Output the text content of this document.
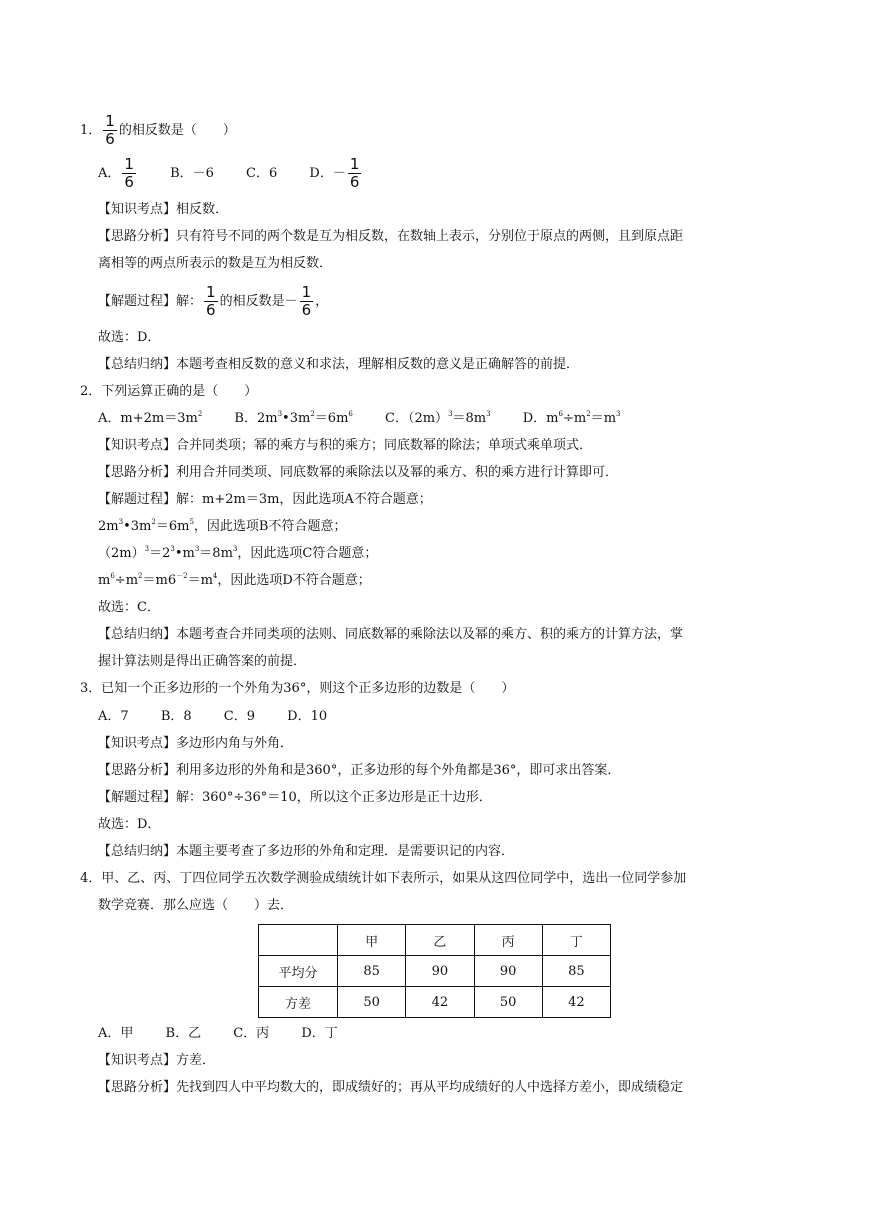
1． $\frac{1}{6}$ 的相反数是（　　）
A． $\frac{1}{6}$	B．－6 C．6 D．－ $\frac{1}{6}$
【知识考点】相反数．
【思路分析】只有符号不同的两个数是互为相反数，在数轴上表示，分别位于原点的两侧，且到原点距
离相等的两点所表示的数是互为相反数．
【解题过程】解： $\frac{1}{6}$ 的相反数是－ $\frac{1}{6}$ ，
故选：D．
【总结归纳】本题考查相反数的意义和求法，理解相反数的意义是正确解答的前提．
2．下列运算正确的是（　　）
A．$m+2m=3m^2$ B．$2m^3•3m^2=6m^6$ C．$(2m)^3=8m^3$ D．$m^6\div m^2=m^3$
【知识考点】合并同类项；幂的乘方与积的乘方；同底数幂的除法；单项式乘单项式．
【思路分析】利用合并同类项、同底数幂的乘除法以及幂的乘方、积的乘方进行计算即可．
【解题过程】解：m+2m＝3m，因此选项A不符合题意；
$2m^3•3m^2=6m^5$，因此选项B不符合题意；
$(2m)^3=2^3•m^3=8m^3$，因此选项C符合题意；
$m^6\div m^2=m6^{-2}=m^4$，因此选项D不符合题意；
故选：C．
【总结归纳】本题考查合并同类项的法则、同底数幂的乘除法以及幂的乘方、积的乘方的计算方法，掌
握计算法则是得出正确答案的前提．
3．已知一个正多边形的一个外角为36°，则这个正多边形的边数是（　　）
A．7 B．8 C．9 D．10
【知识考点】多边形内角与外角．
【思路分析】利用多边形的外角和是360°，正多边形的每个外角都是36°，即可求出答案．
【解题过程】解：360°÷36°＝10，所以这个正多边形是正十边形．
故选：D．
【总结归纳】本题主要考查了多边形的外角和定理．是需要识记的内容．
4．甲、乙、丙、丁四位同学五次数学测验成绩统计如下表所示，如果从这四位同学中，选出一位同学参加
数学竞赛．那么应选（　　）去．
	甲	乙	丙	丁
平均分	85	90	90	85
方差	50	42	50	42
A．甲 B．乙 C．丙 D．丁
【知识考点】方差．
【思路分析】先找到四人中平均数大的，即成绩好的；再从平均成绩好的人中选择方差小，即成绩稳定
